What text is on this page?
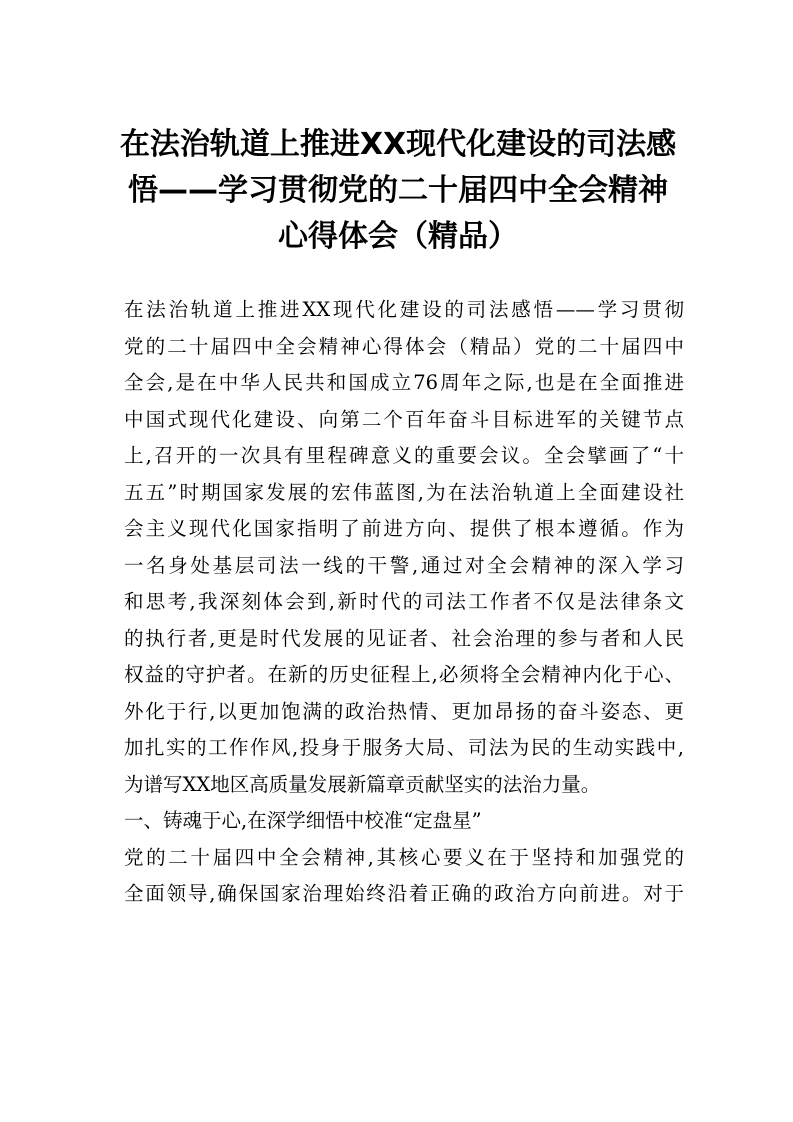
在法治轨道上推进XX现代化建设的司法感
悟——学习贯彻党的二十届四中全会精神
心得体会（精品）
在法治轨道上推进XX现代化建设的司法感悟——学习贯彻
党的二十届四中全会精神心得体会（精品）党的二十届四中
全会,是在中华人民共和国成立76周年之际,也是在全面推进
中国式现代化建设、向第二个百年奋斗目标进军的关键节点
上,召开的一次具有里程碑意义的重要会议。全会擘画了“十
五五”时期国家发展的宏伟蓝图,为在法治轨道上全面建设社
会主义现代化国家指明了前进方向、提供了根本遵循。作为
一名身处基层司法一线的干警,通过对全会精神的深入学习
和思考,我深刻体会到,新时代的司法工作者不仅是法律条文
的执行者,更是时代发展的见证者、社会治理的参与者和人民
权益的守护者。在新的历史征程上,必须将全会精神内化于心、
外化于行,以更加饱满的政治热情、更加昂扬的奋斗姿态、更
加扎实的工作作风,投身于服务大局、司法为民的生动实践中,
为谱写XX地区高质量发展新篇章贡献坚实的法治力量。
一、铸魂于心,在深学细悟中校准“定盘星”
党的二十届四中全会精神,其核心要义在于坚持和加强党的
全面领导,确保国家治理始终沿着正确的政治方向前进。对于
